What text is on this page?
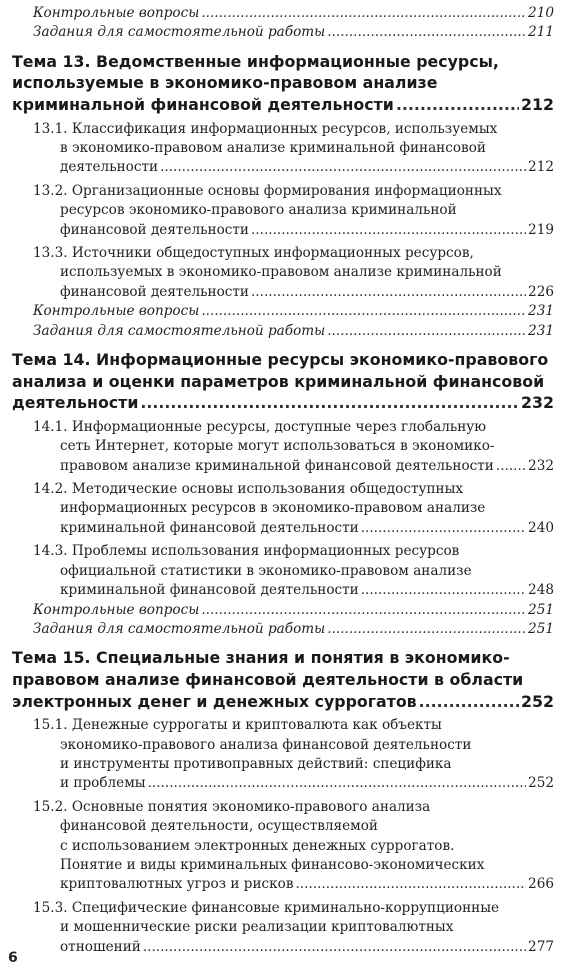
Контрольные вопросы .....	210
Задания для самостоятельной работы .....	211
Тема 13. Ведомственные информационные ресурсы,
используемые в экономико-правовом анализе
криминальной финансовой деятельности .....	212
13.1. Классификация информационных ресурсов, используемых
в экономико-правовом анализе криминальной финансовой
деятельности .....	212
13.2. Организационные основы формирования информационных
ресурсов экономико-правового анализа криминальной
финансовой деятельности .....	219
13.3. Источники общедоступных информационных ресурсов,
используемых в экономико-правовом анализе криминальной
финансовой деятельности .....	226
Контрольные вопросы .....	231
Задания для самостоятельной работы .....	231
Тема 14. Информационные ресурсы экономико-правового
анализа и оценки параметров криминальной финансовой
деятельности .....	232
14.1. Информационные ресурсы, доступные через глобальную
сеть Интернет, которые могут использоваться в экономико-
правовом анализе криминальной финансовой деятельности .....	232
14.2. Методические основы использования общедоступных
информационных ресурсов в экономико-правовом анализе
криминальной финансовой деятельности .....	240
14.3. Проблемы использования информационных ресурсов
официальной статистики в экономико-правовом анализе
криминальной финансовой деятельности .....	248
Контрольные вопросы .....	251
Задания для самостоятельной работы .....	251
Тема 15. Специальные знания и понятия в экономико-
правовом анализе финансовой деятельности в области
электронных денег и денежных суррогатов .....	252
15.1. Денежные суррогаты и криптовалюта как объекты
экономико-правового анализа финансовой деятельности
и инструменты противоправных действий: специфика
и проблемы .....	252
15.2. Основные понятия экономико-правового анализа
финансовой деятельности, осуществляемой
с использованием электронных денежных суррогатов.
Понятие и виды криминальных финансово-экономических
криптовалютных угроз и рисков .....	266
15.3. Специфические финансовые криминально-коррупционные
и мошеннические риски реализации криптовалютных
отношений .....	277
6
